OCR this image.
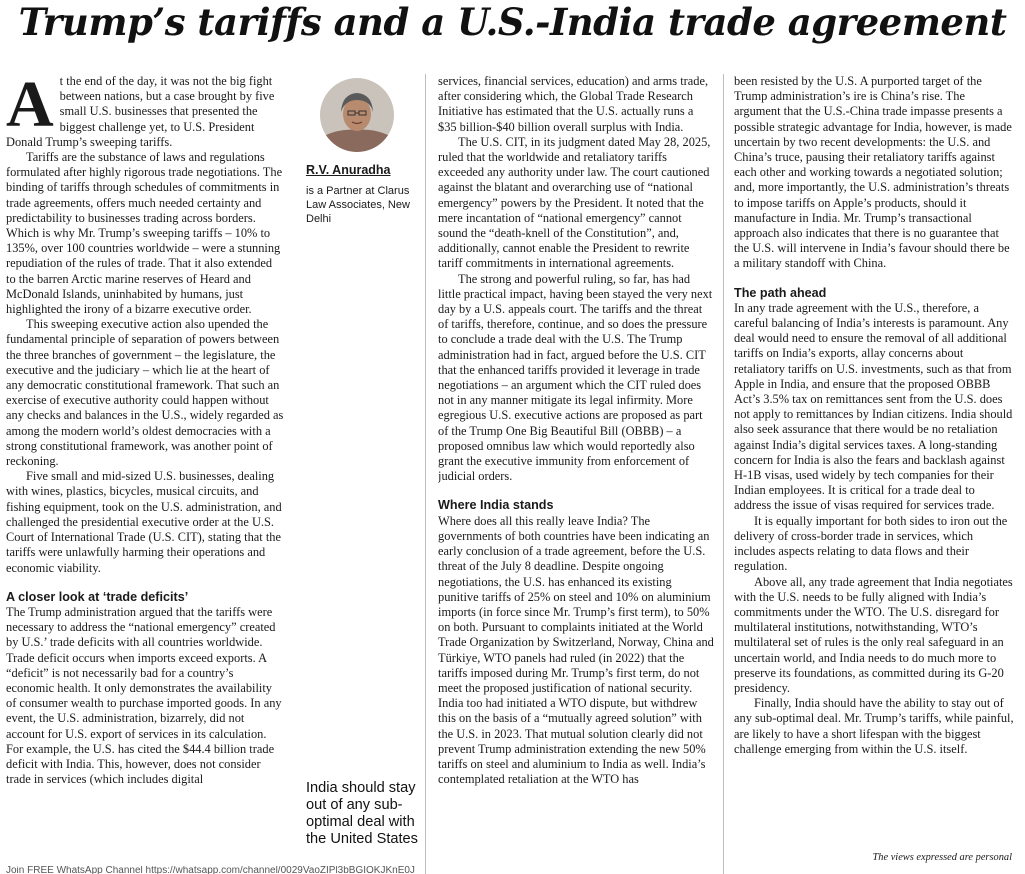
Trump’s tariffs and a U.S.-India trade agreement
A t the end of the day, it was not the big fight between nations, but a case brought by five small U.S. businesses that presented the biggest challenge yet, to U.S. President Donald Trump’s sweeping tariffs.

Tariffs are the substance of laws and regulations formulated after highly rigorous trade negotiations. The binding of tariffs through schedules of commitments in trade agreements, offers much needed certainty and predictability to businesses trading across borders. Which is why Mr. Trump’s sweeping tariffs – 10% to 135%, over 100 countries worldwide – were a stunning repudiation of the rules of trade. That it also extended to the barren Arctic marine reserves of Heard and McDonald Islands, uninhabited by humans, just highlighted the irony of a bizarre executive order.

This sweeping executive action also upended the fundamental principle of separation of powers between the three branches of government – the legislature, the executive and the judiciary – which lie at the heart of any democratic constitutional framework. That such an exercise of executive authority could happen without any checks and balances in the U.S., widely regarded as among the modern world’s oldest democracies with a strong constitutional framework, was another point of reckoning.

Five small and mid-sized U.S. businesses, dealing with wines, plastics, bicycles, musical circuits, and fishing equipment, took on the U.S. administration, and challenged the presidential executive order at the U.S. Court of International Trade (U.S. CIT), stating that the tariffs were unlawfully harming their operations and economic viability.

A closer look at ‘trade deficits’

The Trump administration argued that the tariffs were necessary to address the “national emergency” created by U.S.’ trade deficits with all countries worldwide. Trade deficit occurs when imports exceed exports. A “deficit” is not necessarily bad for a country’s economic health. It only demonstrates the availability of consumer wealth to purchase imported goods. In any event, the U.S. administration, bizarrely, did not account for U.S. export of services in its calculation. For example, the U.S. has cited the $44.4 billion trade deficit with India. This, however, does not consider trade in services (which includes digital

R.V. Anuradha
is a Partner at Clarus Law Associates, New Delhi
India should stay out of any sub-optimal deal with the United States

services, financial services, education) and arms trade, after considering which, the Global Trade Research Initiative has estimated that the U.S. actually runs a $35 billion-$40 billion overall surplus with India.

The U.S. CIT, in its judgment dated May 28, 2025, ruled that the worldwide and retaliatory tariffs exceeded any authority under law. The court cautioned against the blatant and overarching use of “national emergency” powers by the President. It noted that the mere incantation of “national emergency” cannot sound the “death-knell of the Constitution”, and, additionally, cannot enable the President to rewrite tariff commitments in international agreements.

The strong and powerful ruling, so far, has had little practical impact, having been stayed the very next day by a U.S. appeals court. The tariffs and the threat of tariffs, therefore, continue, and so does the pressure to conclude a trade deal with the U.S. The Trump administration had in fact, argued before the U.S. CIT that the enhanced tariffs provided it leverage in trade negotiations – an argument which the CIT ruled does not in any manner mitigate its legal infirmity. More egregious U.S. executive actions are proposed as part of the Trump One Big Beautiful Bill (OBBB) – a proposed omnibus law which would reportedly also grant the executive immunity from enforcement of judicial orders.

Where India stands

Where does all this really leave India? The governments of both countries have been indicating an early conclusion of a trade agreement, before the U.S. threat of the July 8 deadline. Despite ongoing negotiations, the U.S. has enhanced its existing punitive tariffs of 25% on steel and 10% on aluminium imports (in force since Mr. Trump’s first term), to 50% on both. Pursuant to complaints initiated at the World Trade Organization by Switzerland, Norway, China and Türkiye, WTO panels had ruled (in 2022) that the tariffs imposed during Mr. Trump’s first term, do not meet the proposed justification of national security. India too had initiated a WTO dispute, but withdrew this on the basis of a “mutually agreed solution” with the U.S. in 2023. That mutual solution clearly did not prevent Trump administration extending the new 50% tariffs on steel and aluminium to India as well. India’s contemplated retaliation at the WTO has

been resisted by the U.S. A purported target of the Trump administration’s ire is China’s rise. The argument that the U.S.-China trade impasse presents a possible strategic advantage for India, however, is made uncertain by two recent developments: the U.S. and China’s truce, pausing their retaliatory tariffs against each other and working towards a negotiated solution; and, more importantly, the U.S. administration’s threats to impose tariffs on Apple’s products, should it manufacture in India. Mr. Trump’s transactional approach also indicates that there is no guarantee that the U.S. will intervene in India’s favour should there be a military standoff with China.

The path ahead

In any trade agreement with the U.S., therefore, a careful balancing of India’s interests is paramount. Any deal would need to ensure the removal of all additional tariffs on India’s exports, allay concerns about retaliatory tariffs on U.S. investments, such as that from Apple in India, and ensure that the proposed OBBB Act’s 3.5% tax on remittances sent from the U.S. does not apply to remittances by Indian citizens. India should also seek assurance that there would be no retaliation against India’s digital services taxes. A long-standing concern for India is also the fears and backlash against H-1B visas, used widely by tech companies for their Indian employees. It is critical for a trade deal to address the issue of visas required for services trade.

It is equally important for both sides to iron out the delivery of cross-border trade in services, which includes aspects relating to data flows and their regulation.

Above all, any trade agreement that India negotiates with the U.S. needs to be fully aligned with India’s commitments under the WTO. The U.S. disregard for multilateral institutions, notwithstanding, WTO’s multilateral set of rules is the only real safeguard in an uncertain world, and India needs to do much more to preserve its foundations, as committed during its G-20 presidency.

Finally, India should have the ability to stay out of any sub-optimal deal. Mr. Trump’s tariffs, while painful, are likely to have a short lifespan with the biggest challenge emerging from within the U.S. itself.

The views expressed are personal
Join FREE WhatsApp Channel https://whatsapp.com/channel/0029VaoZIPl3bBGIOKJKnE0J
